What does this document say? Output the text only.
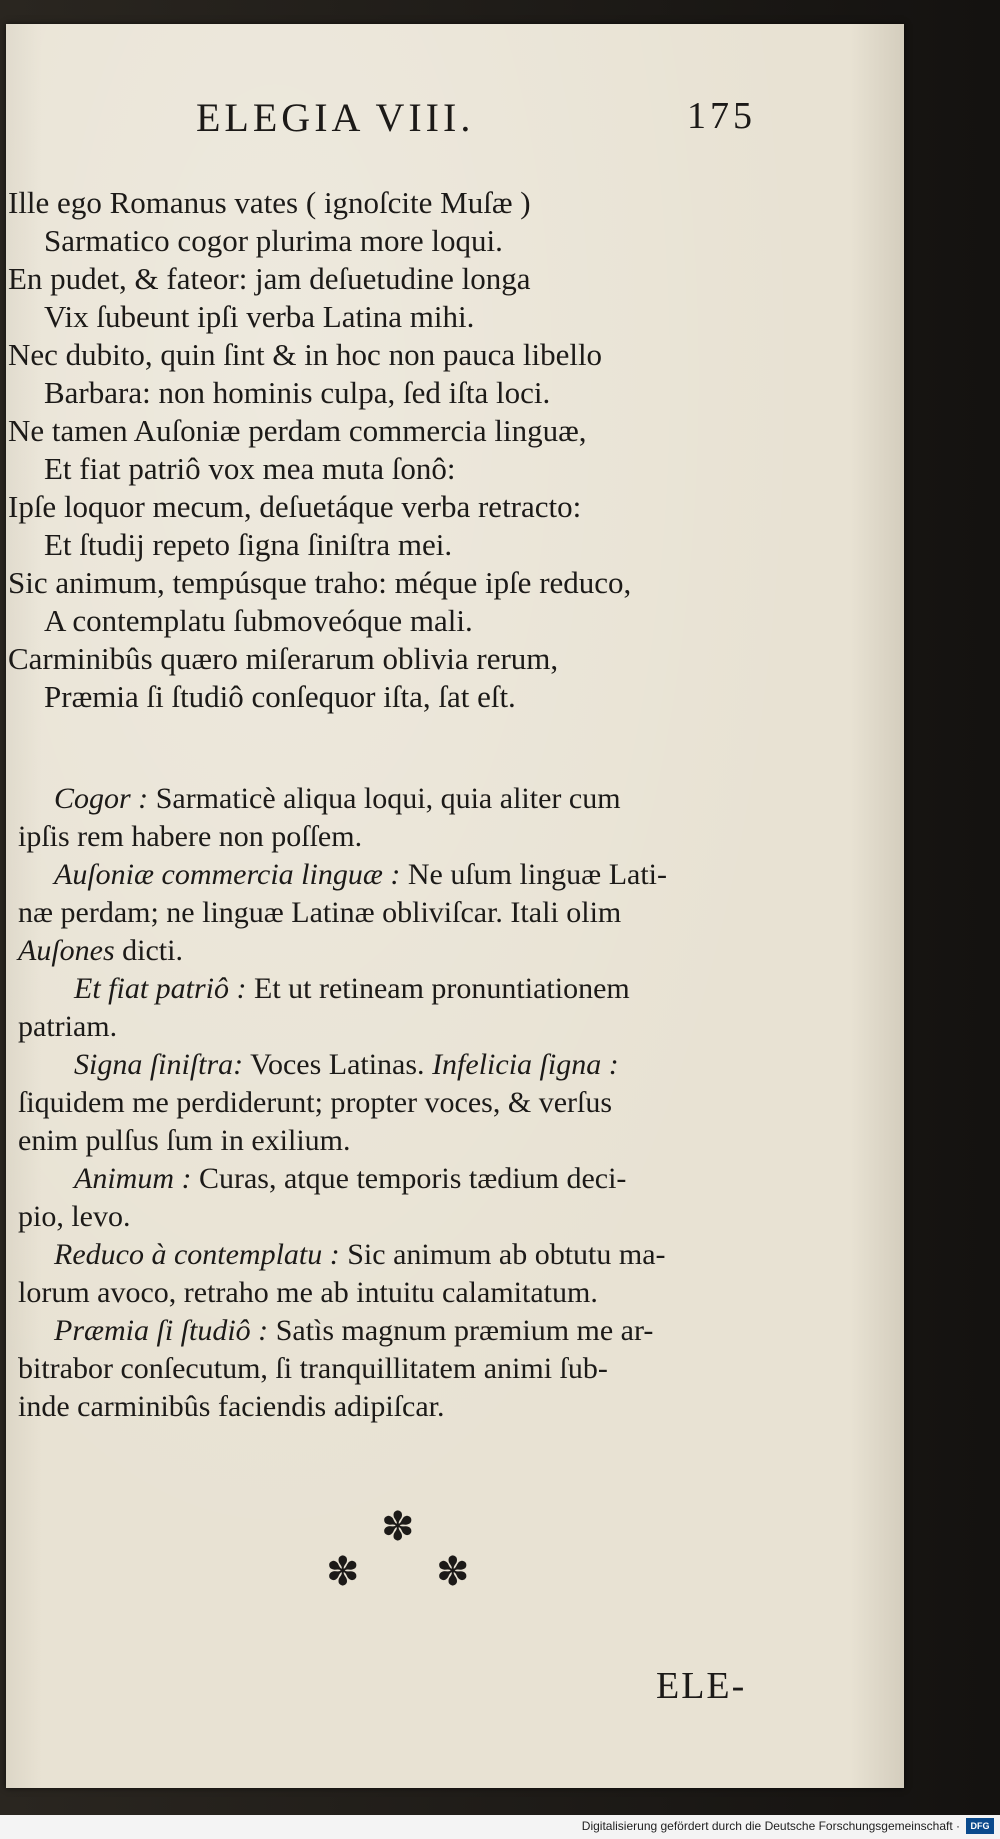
ELEGIA VIII.	175
Ille ego Romanus vates ( ignoſcite Muſæ )
Sarmatico cogor plurima more loqui.
En pudet, & fateor: jam deſuetudine longa
Vix ſubeunt ipſi verba Latina mihi.
Nec dubito, quin ſint & in hoc non pauca libello
Barbara: non hominis culpa, ſed iſta loci.
Ne tamen Auſoniæ perdam commercia linguæ,
Et fiat patriô vox mea muta ſonô:
Ipſe loquor mecum, deſuetáque verba retracto:
Et ſtudij repeto ſigna ſiniſtra mei.
Sic animum, tempúsque traho: méque ipſe reduco,
A contemplatu ſubmoveóque mali.
Carminibûs quæro miſerarum oblivia rerum,
Præmia ſi ſtudiô conſequor iſta, ſat eſt.
Cogor : Sarmaticè aliqua loqui, quia aliter cum
ipſis rem habere non poſſem.
Auſoniæ commercia linguæ : Ne uſum linguæ Lati-
næ perdam; ne linguæ Latinæ obliviſcar. Itali olim
Auſones dicti.
Et fiat patriô : Et ut retineam pronuntiationem
patriam.
Signa ſiniſtra: Voces Latinas. Infelicia ſigna :
ſiquidem me perdiderunt; propter voces, & verſus
enim pulſus ſum in exilium.
Animum : Curas, atque temporis tædium deci-
pio, levo.
Reduco à contemplatu : Sic animum ab obtutu ma-
lorum avoco, retraho me ab intuitu calamitatum.
Præmia ſi ſtudiô : Satìs magnum præmium me ar-
bitrabor conſecutum, ſi tranquillitatem animi ſub-
inde carminibûs faciendis adipiſcar.
✽
✽ ✽
ELE-
Digitalisierung gefördert durch die Deutsche Forschungsgemeinschaft ·	DFG
